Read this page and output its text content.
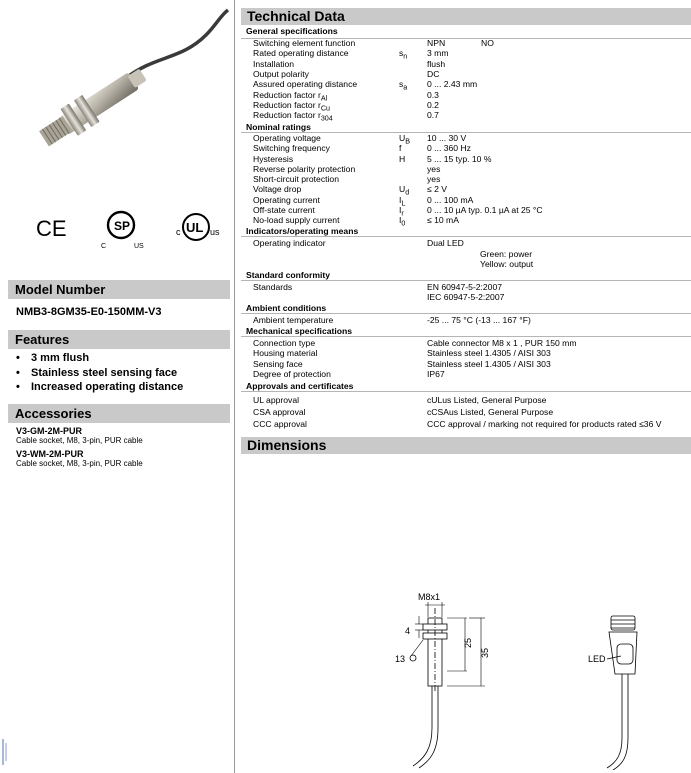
CE	SP
C	US
UL
c	us
Model Number
NMB3-8GM35-E0-150MM-V3
Features
• 3 mm flush
• Stainless steel sensing face
• Increased operating distance
Accessories
V3-GM-2M-PUR
Cable socket, M8, 3-pin, PUR cable
V3-WM-2M-PUR
Cable socket, M8, 3-pin, PUR cable
Technical Data
General specifications
Switching element function	NPN	NO
Rated operating distance	$s_n$ 3 mm
Installation	flush
Output polarity	DC
Assured operating distance	$s_a$ 0 ... 2.43 mm
Reduction factor $r_{Al}$	0.3
Reduction factor $r_{Cu}$	0.2
Reduction factor $r_{304}$	0.7
Nominal ratings
Operating voltage	$U_B$ 10 ... 30 V
Switching frequency	f	0 ... 360 Hz
Hysteresis	H	5 ... 15 typ. 10 %
Reverse polarity protection	yes
Short-circuit protection	yes
Voltage drop	$U_d \le 2$ V
Operating current	$I_L$	0 ... 100 mA
Off-state current	$I_r$	0 ... 10 µA typ. 0.1 µA at 25 °C
No-load supply current	$I_0$	≤ 10 mA
Indicators/operating means
Operating indicator	Dual LED
Green: power
Yellow: output
Standard conformity
Standards	EN 60947-5-2:2007
IEC 60947-5-2:2007
Ambient conditions
Ambient temperature	-25 ... 75 °C (-13 ... 167 °F)
Mechanical specifications
Connection type	Cable connector M8 x 1 , PUR 150 mm
Housing material	Stainless steel 1.4305 / AISI 303
Sensing face	Stainless steel 1.4305 / AISI 303
Degree of protection	IP67
Approvals and certificates
UL approval	cULus Listed, General Purpose
CSA approval	cCSAus Listed, General Purpose
CCC approval	CCC approval / marking not required for products rated ≤36 V
Dimensions
M8x1
4
25
35
13	LED
